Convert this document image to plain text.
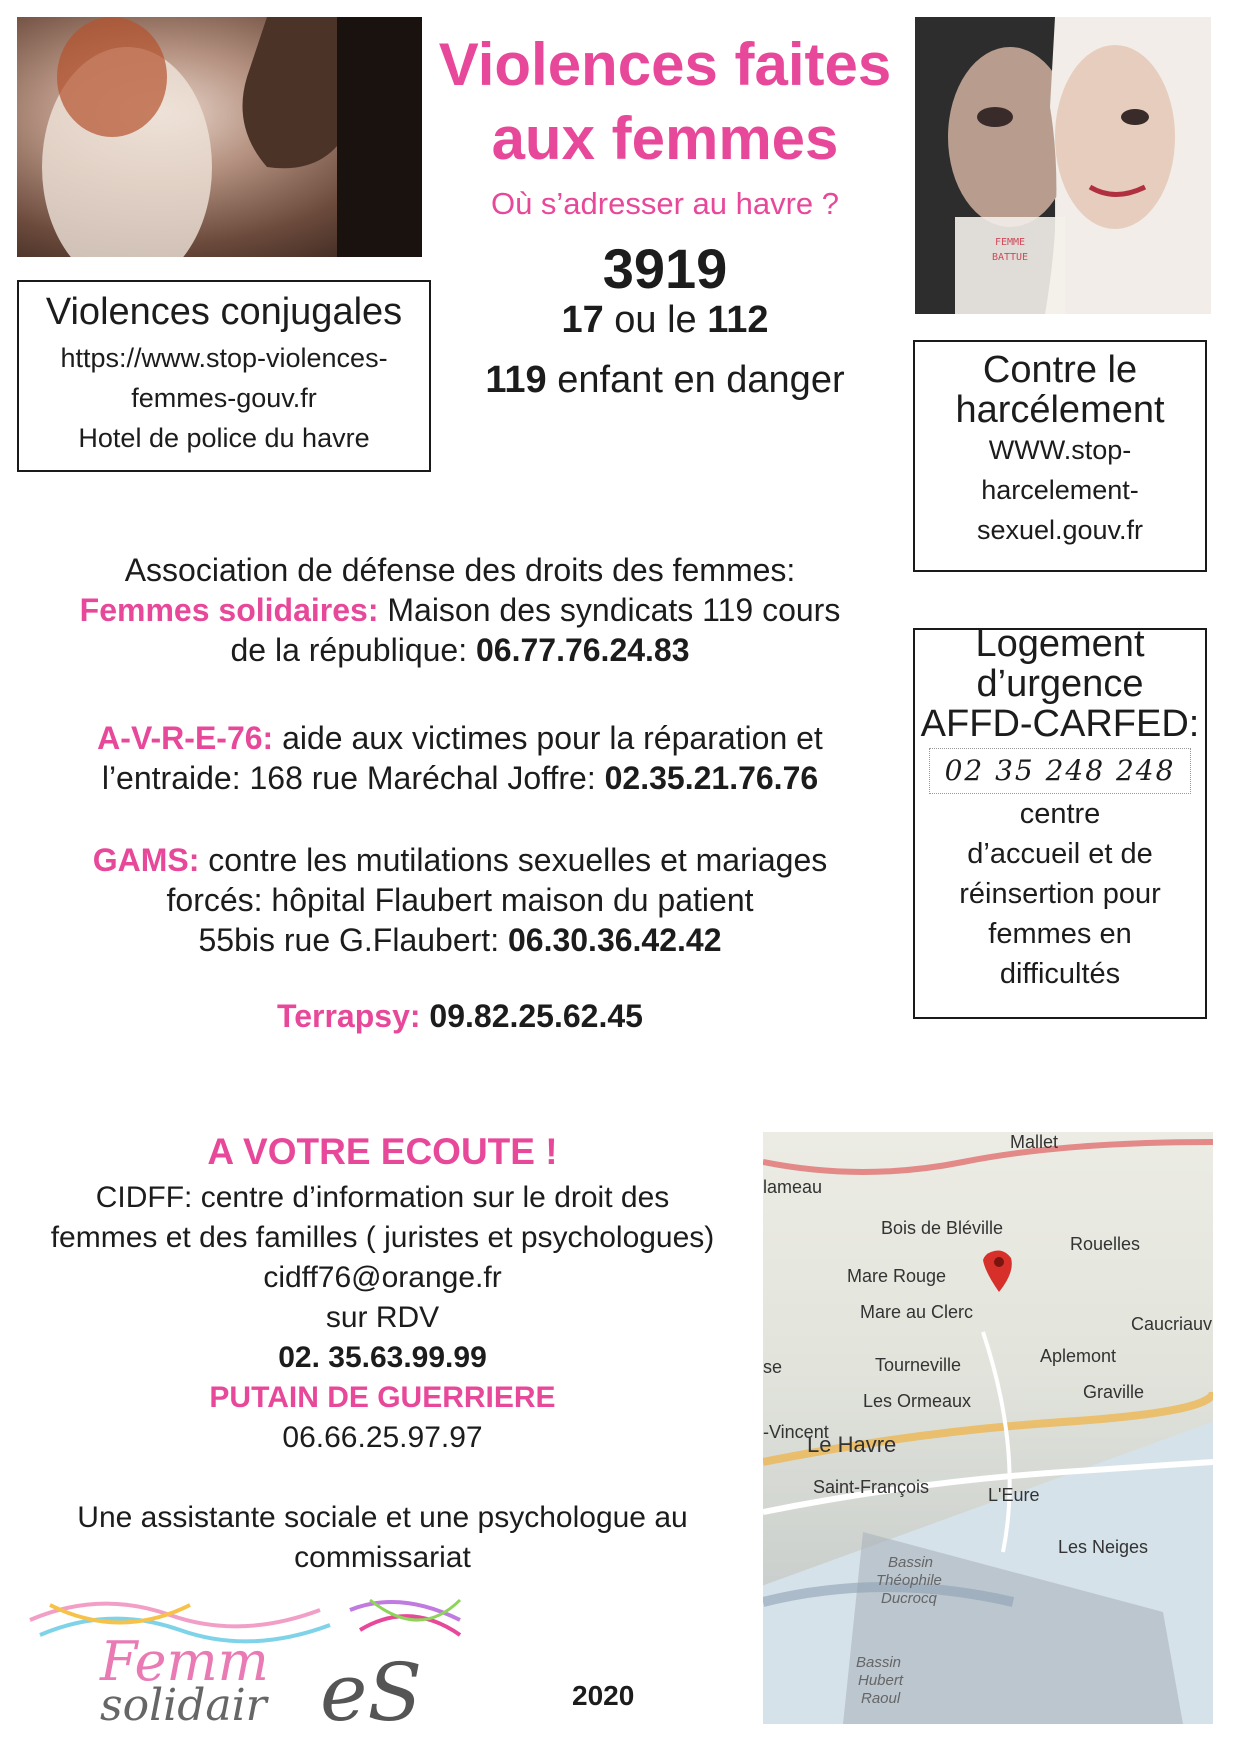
FEMME
BATTUE
Violences faites
aux femmes
Où s’adresser au havre ?
3919
17 ou le 112
119 enfant en danger
Violences conjugales
https://www.stop-violences-
femmes-gouv.fr
Hotel de police du havre
Contre le
harcélement
WWW.stop-
harcelement-
sexuel.gouv.fr
Logement
d’urgence
AFFD-CARFED:
02 35 248 248
centre
d’accueil et de
réinsertion pour
femmes en
difficultés
Association de défense des droits des femmes:
Femmes solidaires: Maison des syndicats 119 cours
de la république: 06.77.76.24.83
A-V-R-E-76: aide aux victimes pour la réparation et
l’entraide: 168 rue Maréchal Joffre: 02.35.21.76.76
GAMS: contre les mutilations sexuelles et mariages
forcés: hôpital Flaubert maison du patient
55bis rue G.Flaubert: 06.30.36.42.42
Terrapsy: 09.82.25.62.45
A VOTRE ECOUTE !
CIDFF: centre d’information sur le droit des
femmes et des familles ( juristes et psychologues)
cidff76@orange.fr
sur RDV
02. 35.63.99.99
PUTAIN DE GUERRIERE
06.66.25.97.97
Une assistante sociale et une psychologue au
commissariat
Femm
solidair eS	2020
Mallet
lameau
Bois de Bléville
Rouelles
Mare Rouge
Mare au Clerc
Caucriauv
se	Tourneville	Aplemont
Graville
Les Ormeaux
-Vincent
Le Havre
Saint-François	L'Eure
Les Neiges
Bassin
Théophile
Ducrocq
Bassin
Hubert
Raoul
